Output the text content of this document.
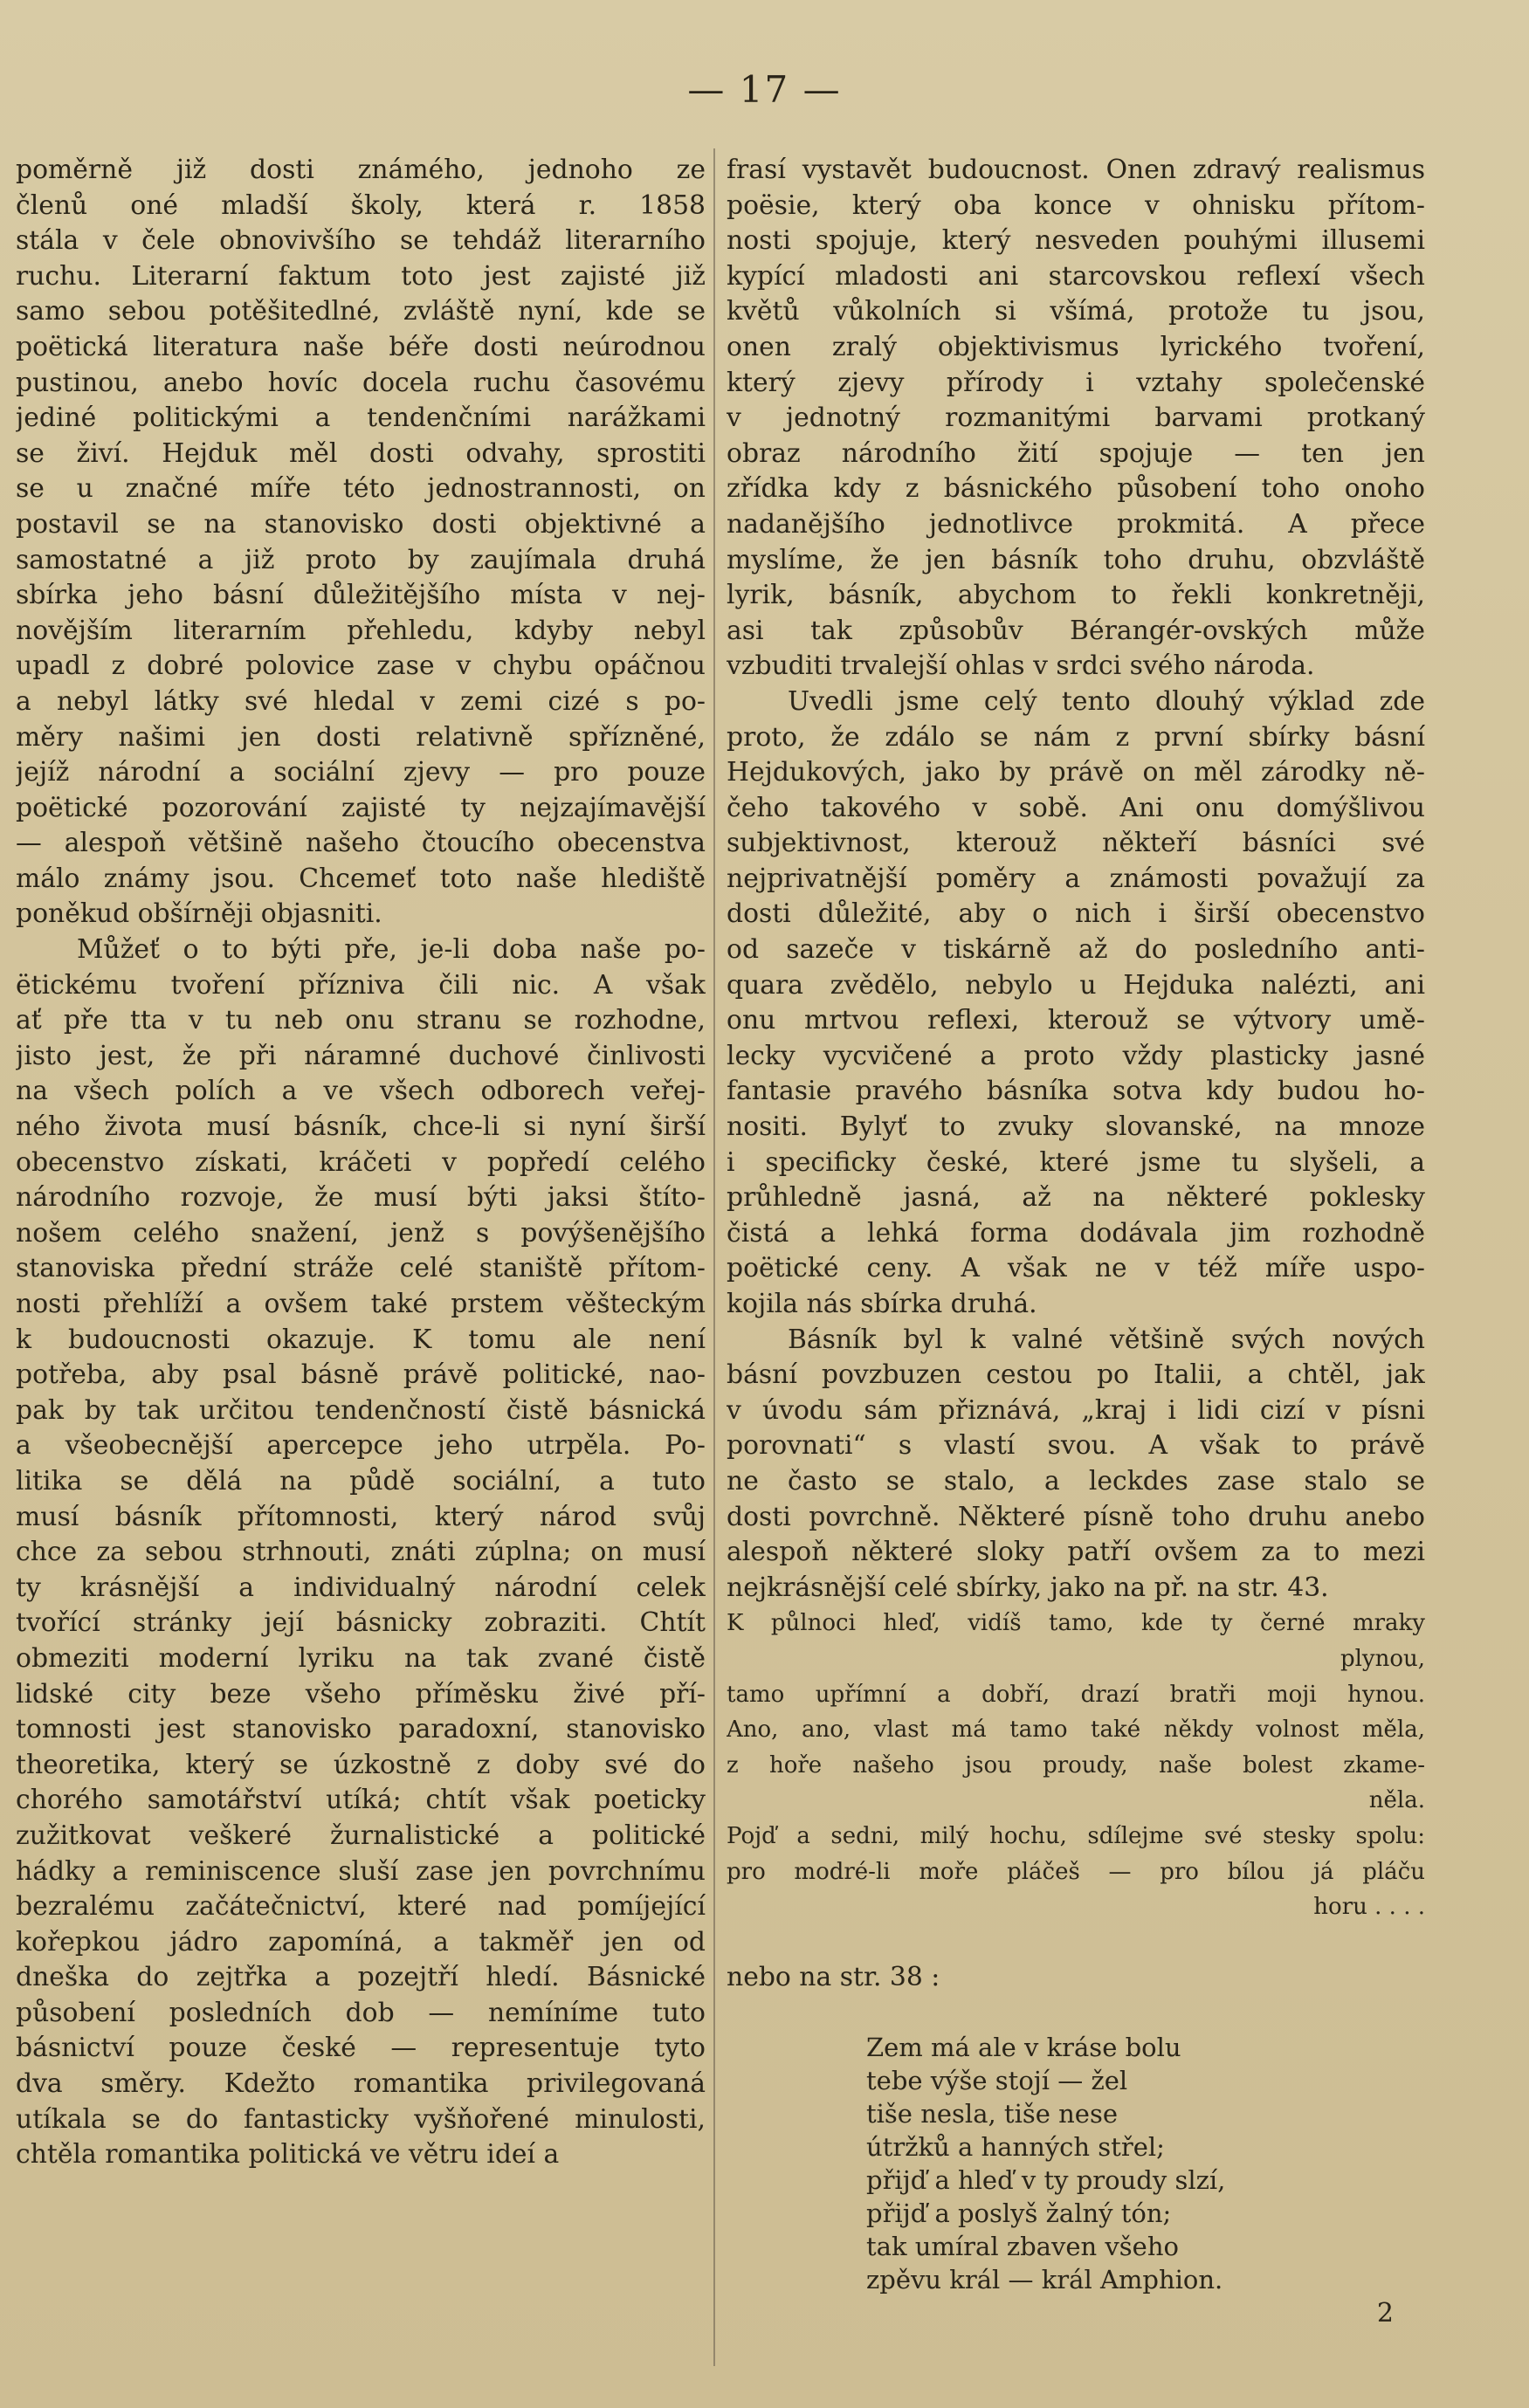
— 17 —
poměrně již dosti známého, jednoho ze
členů oné mladší školy, která r. 1858
stála v čele obnovivšího se tehdáž literarního
ruchu. Literarní faktum toto jest zajisté již
samo sebou potěšitedlné, zvláště nyní, kde se
poëtická literatura naše béře dosti neúrodnou
pustinou, anebo hovíc docela ruchu časovému
jediné politickými a tendenčními narážkami
se živí. Hejduk měl dosti odvahy, sprostiti
se u značné míře této jednostrannosti, on
postavil se na stanovisko dosti objektivné a
samostatné a již proto by zaujímala druhá
sbírka jeho básní důležitějšího místa v nej-
novějším literarním přehledu, kdyby nebyl
upadl z dobré polovice zase v chybu opáčnou
a nebyl látky své hledal v zemi cizé s po-
měry našimi jen dosti relativně spřízněné,
jejíž národní a sociální zjevy — pro pouze
poëtické pozorování zajisté ty nejzajímavější
— alespoň většině našeho čtoucího obecenstva
málo známy jsou. Chcemeť toto naše hlediště
poněkud obšírněji objasniti.
Můžeť o to býti pře, je-li doba naše po-
ëtickému tvoření přízniva čili nic. A však
ať pře tta v tu neb onu stranu se rozhodne,
jisto jest, že při náramné duchové činlivosti
na všech polích a ve všech odborech veřej-
ného života musí básník, chce-li si nyní širší
obecenstvo získati, kráčeti v popředí celého
národního rozvoje, že musí býti jaksi štíto-
nošem celého snažení, jenž s povýšenějšího
stanoviska přední stráže celé staniště přítom-
nosti přehlíží a ovšem také prstem věšteckým
k budoucnosti okazuje. K tomu ale není
potřeba, aby psal básně právě politické, nao-
pak by tak určitou tendenčností čistě básnická
a všeobecnější apercepce jeho utrpěla. Po-
litika se dělá na půdě sociální, a tuto
musí básník přítomnosti, který národ svůj
chce za sebou strhnouti, znáti zúplna; on musí
ty krásnější a individualný národní celek
tvořící stránky její básnicky zobraziti. Chtít
obmeziti moderní lyriku na tak zvané čistě
lidské city beze všeho příměsku živé pří-
tomnosti jest stanovisko paradoxní, stanovisko
theoretika, který se úzkostně z doby své do
chorého samotářství utíká; chtít však poeticky
zužitkovat veškeré žurnalistické a politické
hádky a reminiscence sluší zase jen povrchnímu
bezralému začátečnictví, které nad pomíjející
kořepkou jádro zapomíná, a takměř jen od
dneška do zejtřka a pozejtří hledí. Básnické
působení posledních dob — nemíníme tuto
básnictví pouze české — representuje tyto
dva směry. Kdežto romantika privilegovaná
utíkala se do fantasticky vyšňořené minulosti,
chtěla romantika politická ve větru ideí a
frasí vystavět budoucnost. Onen zdravý realismus
poësie, který oba konce v ohnisku přítom-
nosti spojuje, který nesveden pouhými illusemi
kypící mladosti ani starcovskou reflexí všech
květů vůkolních si všímá, protože tu jsou,
onen zralý objektivismus lyrického tvoření,
který zjevy přírody i vztahy společenské
v jednotný rozmanitými barvami protkaný
obraz národního žití spojuje — ten jen
zřídka kdy z básnického působení toho onoho
nadanějšího jednotlivce prokmitá. A přece
myslíme, že jen básník toho druhu, obzvláště
lyrik, básník, abychom to řekli konkretněji,
asi tak způsobův Bérangér-ovských může
vzbuditi trvalejší ohlas v srdci svého národa.
Uvedli jsme celý tento dlouhý výklad zde
proto, že zdálo se nám z první sbírky básní
Hejdukových, jako by právě on měl zárodky ně-
čeho takového v sobě. Ani onu domýšlivou
subjektivnost, kterouž někteří básníci své
nejprivatnější poměry a známosti považují za
dosti důležité, aby o nich i širší obecenstvo
od sazeče v tiskárně až do posledního anti-
quara zvědělo, nebylo u Hejduka nalézti, ani
onu mrtvou reflexi, kterouž se výtvory umě-
lecky vycvičené a proto vždy plasticky jasné
fantasie pravého básníka sotva kdy budou ho-
nositi. Bylyť to zvuky slovanské, na mnoze
i specificky české, které jsme tu slyšeli, a
průhledně jasná, až na některé poklesky
čistá a lehká forma dodávala jim rozhodně
poëtické ceny. A však ne v též míře uspo-
kojila nás sbírka druhá.
Básník byl k valné většině svých nových
básní povzbuzen cestou po Italii, a chtěl, jak
v úvodu sám přiznává, „kraj i lidi cizí v písni
porovnati“ s vlastí svou. A však to právě
ne často se stalo, a leckdes zase stalo se
dosti povrchně. Některé písně toho druhu anebo
alespoň některé sloky patří ovšem za to mezi
nejkrásnější celé sbírky, jako na př. na str. 43.
K půlnoci hleď, vidíš tamo, kde ty černé mraky
plynou,
tamo upřímní a dobří, drazí bratři moji hynou.
Ano, ano, vlast má tamo také někdy volnost měla,
z hoře našeho jsou proudy, naše bolest zkame-
něla.
Pojď a sedni, milý hochu, sdílejme své stesky spolu:
pro modré-li moře pláčeš — pro bílou já pláču
horu . . . .
nebo na str. 38 :
Zem má ale v kráse bolu
tebe výše stojí — žel
tiše nesla, tiše nese
útržků a hanných střel;
přijď a hleď v ty proudy slzí,
přijď a poslyš žalný tón;
tak umíral zbaven všeho
zpěvu král — král Amphion.
2
